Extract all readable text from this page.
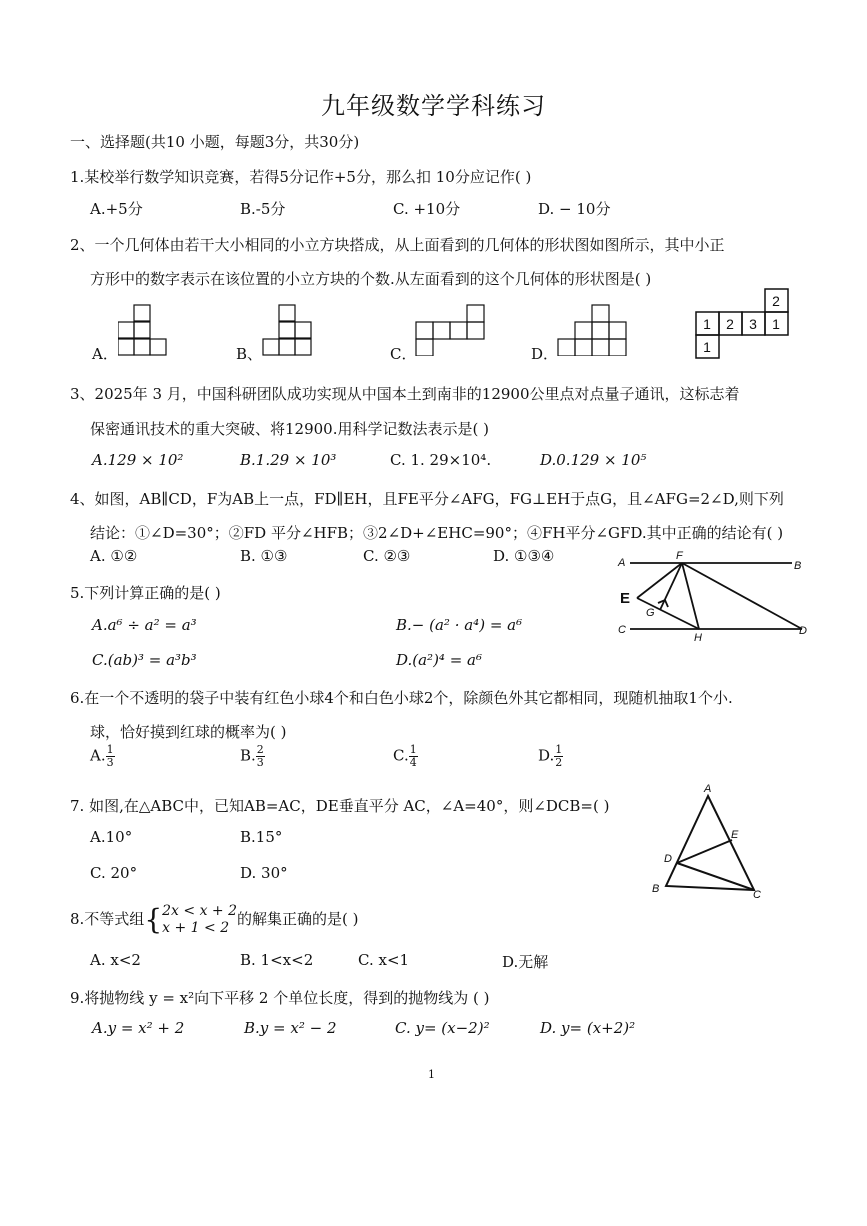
九年级数学学科练习
一、选择题(共10 小题，每题3分，共30分)
1.某校举行数学知识竞赛，若得5分记作+5分，那么扣 10分应记作( )
A.+5分	B.-5分	C. +10分	D. − 10分
2、一个几何体由若干大小相同的小立方块搭成，从上面看到的几何体的形状图如图所示，其中小正
方形中的数字表示在该位置的小立方块的个数.从左面看到的这个几何体的形状图是( )
A．	B、	C．	D．
2
1 2 3 1
1
3、2025年 3 月，中国科研团队成功实现从中国本土到南非的12900公里点对点量子通讯，这标志着
保密通讯技术的重大突破、将12900.用科学记数法表示是( )
A.129 × 10²	B.1.29 × 10³	C. 1. 29×10⁴.	D.0.129 × 10⁵
4、如图，AB∥CD，F为AB上一点，FD∥EH，且FE平分∠AFG，FG⊥EH于点G，且∠AFG=2∠D,则下列
结论：①∠D=30°；②FD 平分∠HFB；③2∠D+∠EHC=90°；④FH平分∠GFD.其中正确的结论有( )
A. ①②	B. ①③	C. ②③	D. ①③④	A
F
B
E
G
C
H
D
5.下列计算正确的是( )
A.a⁶ ÷ a² = a³	B.− (a² · a⁴) = a⁶
C.(ab)³ = a³b³	D.(a²)⁴ = a⁶
6.在一个不透明的袋子中装有红色小球4个和白色小球2个，除颜色外其它都相同，现随机抽取1个小.
球，恰好摸到红球的概率为( )
A. $\frac{1}{3}$	B. $\frac{2}{3}$	C. $\frac{1}{4}$	D. $\frac{1}{2}$
7. 如图,在△ABC中，已知AB=AC，DE垂直平分 AC，∠A=40°，则∠DCB=( )
A.10°	B.15°
C. 20°	D. 30°
A
E
D
B	C
8.不等式组{ 2x < x + 2
x + 1 < 2 的解集正确的是( )
A. x<2	B. 1<x<2	C. x<1	D.无解
9.将抛物线 y = x²向下平移 2 个单位长度，得到的抛物线为 ( )
A.y = x² + 2	B.y = x² − 2	C. y= (x−2)²	D. y= (x+2)²
1
